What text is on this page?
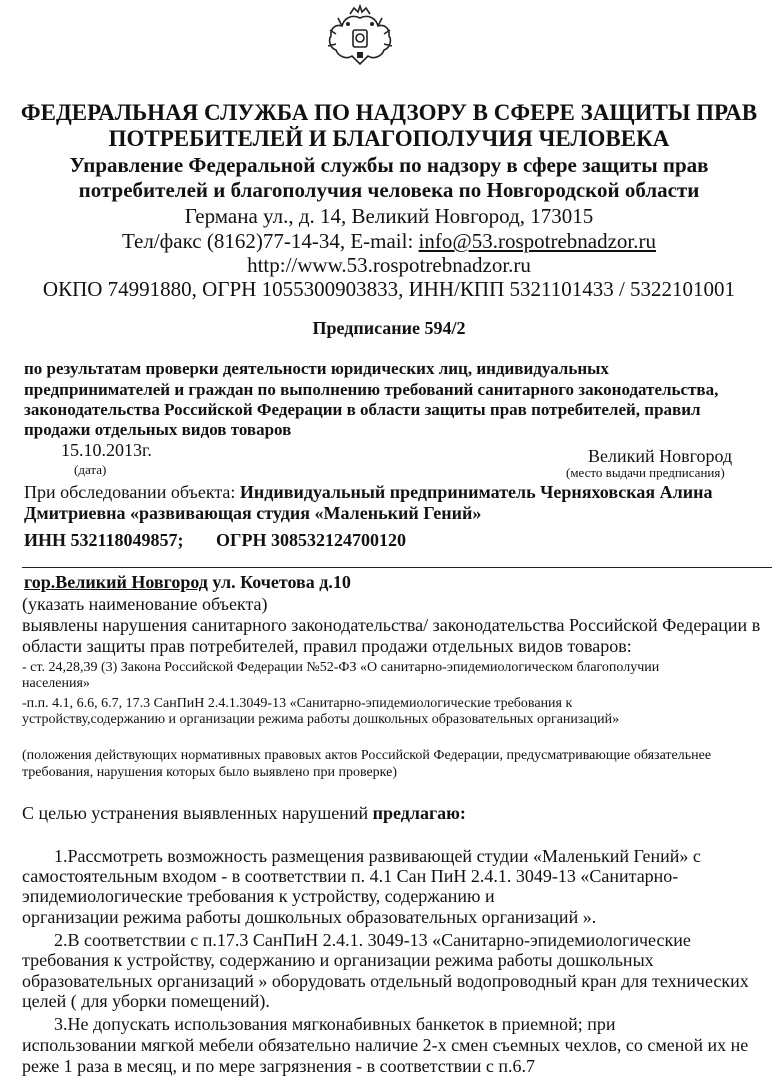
ФЕДЕРАЛЬНАЯ СЛУЖБА ПО НАДЗОРУ В СФЕРЕ ЗАЩИТЫ ПРАВ
ПОТРЕБИТЕЛЕЙ И БЛАГОПОЛУЧИЯ ЧЕЛОВЕКА
Управление Федеральной службы по надзору в сфере защиты прав
потребителей и благополучия человека по Новгородской области
Германа ул., д. 14, Великий Новгород, 173015
Тел/факс (8162)77-14-34, E-mail: info@53.rospotrebnadzor.ru
http://www.53.rospotrebnadzor.ru
ОКПО 74991880, ОГРН 1055300903833, ИНН/КПП 5321101433 / 5322101001
Предписание 594/2
по результатам проверки деятельности юридических лиц, индивидуальных
предпринимателей и граждан по выполнению требований санитарного законодательства,
законодательства Российской Федерации в области защиты прав потребителей, правил
продажи отдельных видов товаров
15.10.2013г.
(дата)
Великий Новгород
(место выдачи предписания)
При обследовании объекта: Индивидуальный предприниматель Черняховская Алина
Дмитриевна «развивающая студия «Маленький Гений»
ИНН 532118049857; ОГРН 308532124700120
гор.Великий Новгород ул. Кочетова д.10
(указать наименование объекта)
выявлены нарушения санитарного законодательства/ законодательства Российской Федерации в
области защиты прав потребителей, правил продажи отдельных видов товаров:
- ст. 24,28,39 (3) Закона Российской Федерации №52-ФЗ «О санитарно-эпидемиологическом благополучии
населения»
-п.п. 4.1, 6.6, 6.7, 17.3 СанПиН 2.4.1.3049-13 «Санитарно-эпидемиологические требования к
устройству,содержанию и организации режима работы дошкольных образовательных организаций»
(положения действующих нормативных правовых актов Российской Федерации, предусматривающие обязательнее
требования, нарушения которых было выявлено при проверке)
С целью устранения выявленных нарушений предлагаю:
1.Рассмотреть возможность размещения развивающей студии «Маленький Гений» с
самостоятельным входом - в соответствии п. 4.1 Сан ПиН 2.4.1. 3049-13 «Санитарно-
эпидемиологические требования к устройству, содержанию и
организации режима работы дошкольных образовательных организаций ».
2.В соответствии с п.17.3 СанПиН 2.4.1. 3049-13 «Санитарно-эпидемиологические
требования к устройству, содержанию и организации режима работы дошкольных
образовательных организаций » оборудовать отдельный водопроводный кран для технических
целей ( для уборки помещений).
3.Не допускать использования мягконабивных банкеток в приемной; при
использовании мягкой мебели обязательно наличие 2-х смен съемных чехлов, со сменой их не
реже 1 раза в месяц, и по мере загрязнения - в соответствии с п.6.7
